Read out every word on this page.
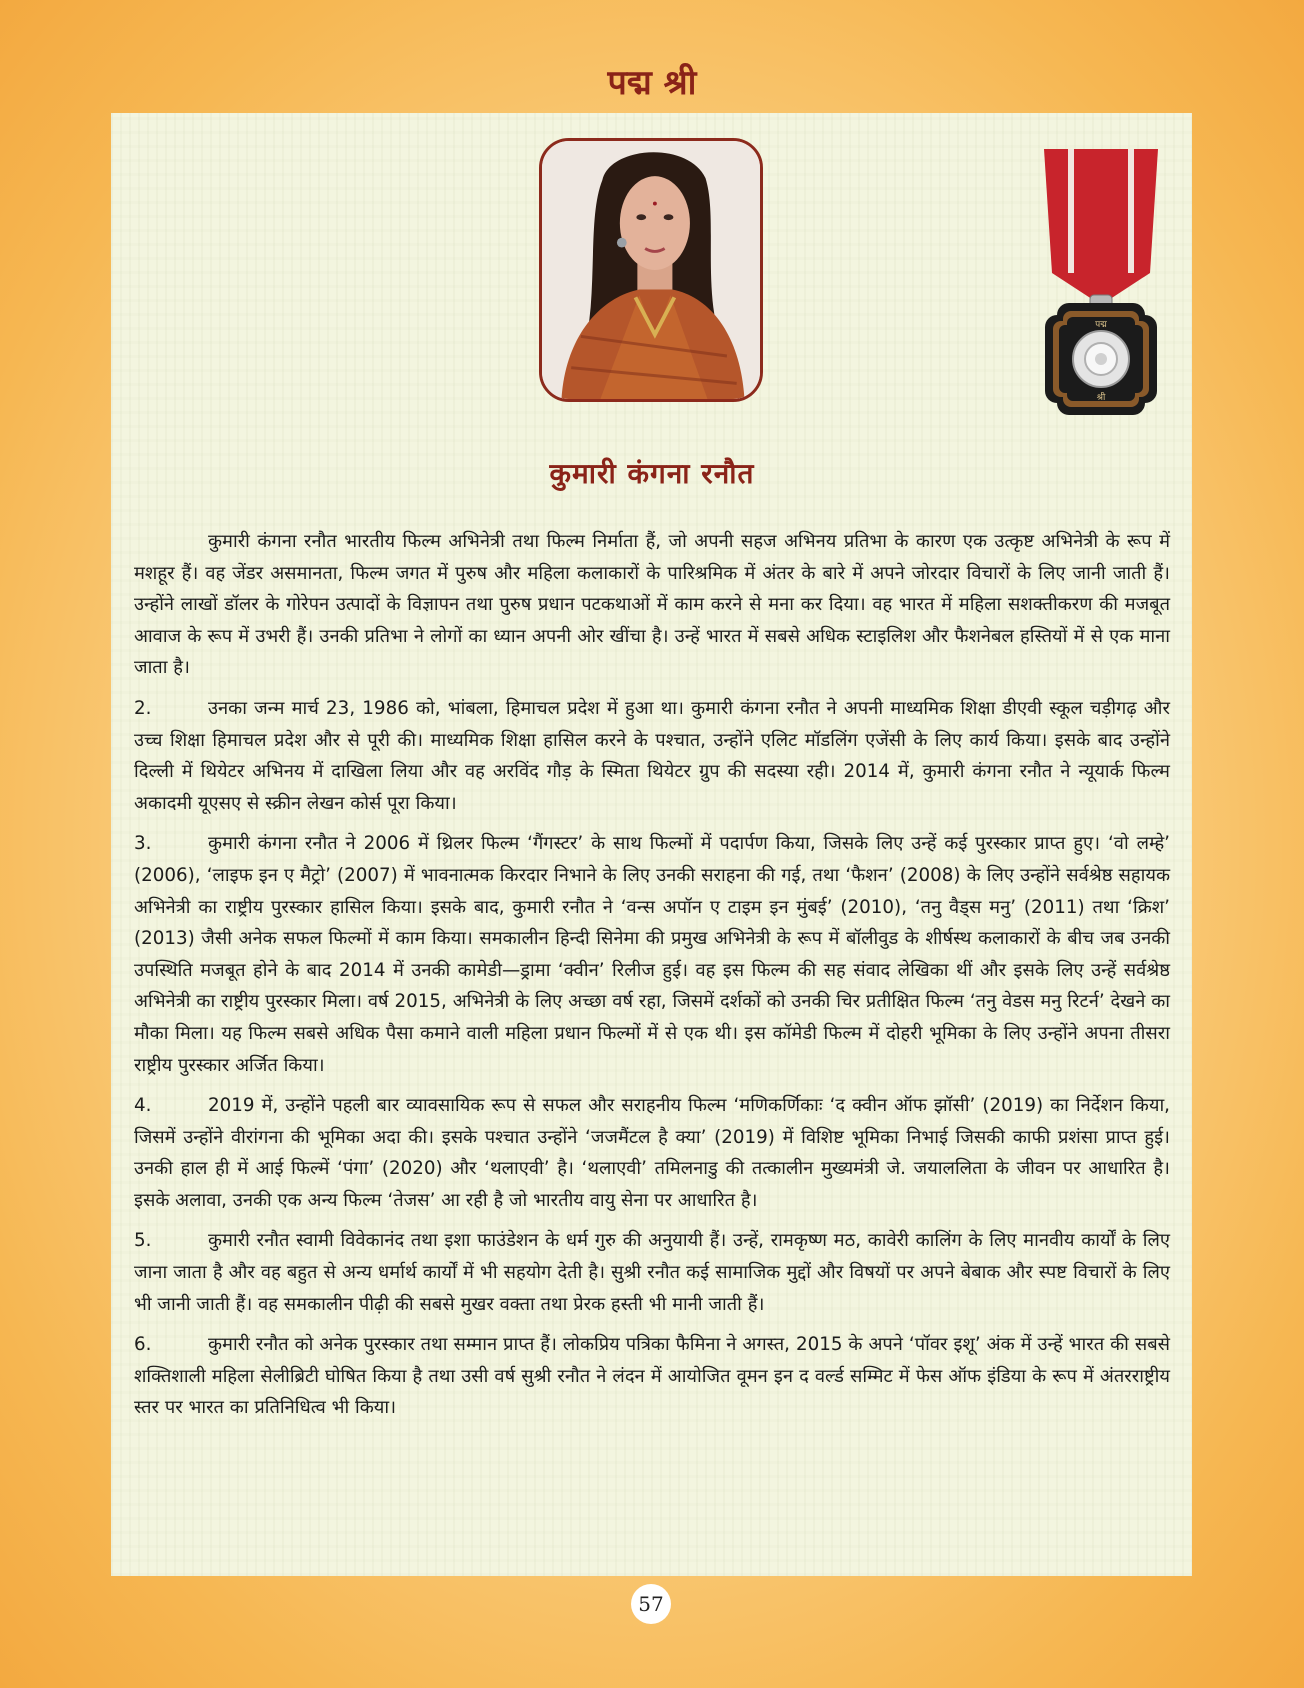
पद्म श्री
पद्म
श्री
कुमारी कंगना रनौत

कुमारी कंगना रनौत भारतीय फिल्म अभिनेत्री तथा फिल्म निर्माता हैं, जो अपनी सहज अभिनय प्रतिभा के कारण एक उत्कृष्ट अभिनेत्री के रूप में मशहूर हैं। वह जेंडर असमानता, फिल्म जगत में पुरुष और महिला कलाकारों के पारिश्रमिक में अंतर के बारे में अपने जोरदार विचारों के लिए जानी जाती हैं। उन्होंने लाखों डॉलर के गोरेपन उत्पादों के विज्ञापन तथा पुरुष प्रधान पटकथाओं में काम करने से मना कर दिया। वह भारत में महिला सशक्तीकरण की मजबूत आवाज के रूप में उभरी हैं। उनकी प्रतिभा ने लोगों का ध्यान अपनी ओर खींचा है। उन्हें भारत में सबसे अधिक स्टाइलिश और फैशनेबल हस्तियों में से एक माना जाता है।

2.	उनका जन्म मार्च 23, 1986 को, भांबला, हिमाचल प्रदेश में हुआ था। कुमारी कंगना रनौत ने अपनी माध्यमिक शिक्षा डीएवी स्कूल चड़ीगढ़ और उच्च शिक्षा हिमाचल प्रदेश और से पूरी की। माध्यमिक शिक्षा हासिल करने के पश्चात, उन्होंने एलिट मॉडलिंग एजेंसी के लिए कार्य किया। इसके बाद उन्होंने दिल्ली में थियेटर अभिनय में दाखिला लिया और वह अरविंद गौड़ के स्मिता थियेटर ग्रुप की सदस्या रही। 2014 में, कुमारी कंगना रनौत ने न्यूयार्क फिल्म अकादमी यूएसए से स्क्रीन लेखन कोर्स पूरा किया।

3.	कुमारी कंगना रनौत ने 2006 में थ्रिलर फिल्म ‘गैंगस्टर’ के साथ फिल्मों में पदार्पण किया, जिसके लिए उन्हें कई पुरस्कार प्राप्त हुए। ‘वो लम्हे’ (2006), ‘लाइफ इन ए मैट्रो’ (2007) में भावनात्मक किरदार निभाने के लिए उनकी सराहना की गई, तथा ‘फैशन’ (2008) के लिए उन्होंने सर्वश्रेष्ठ सहायक अभिनेत्री का राष्ट्रीय पुरस्कार हासिल किया। इसके बाद, कुमारी रनौत ने ‘वन्स अपॉन ए टाइम इन मुंबई’ (2010), ‘तनु वैड्स मनु’ (2011) तथा ‘क्रिश’ (2013) जैसी अनेक सफल फिल्मों में काम किया। समकालीन हिन्दी सिनेमा की प्रमुख अभिनेत्री के रूप में बॉलीवुड के शीर्षस्थ कलाकारों के बीच जब उनकी उपस्थिति मजबूत होने के बाद 2014 में उनकी कामेडी—ड्रामा ‘क्वीन’ रिलीज हुई। वह इस फिल्म की सह संवाद लेखिका थीं और इसके लिए उन्हें सर्वश्रेष्ठ अभिनेत्री का राष्ट्रीय पुरस्कार मिला। वर्ष 2015, अभिनेत्री के लिए अच्छा वर्ष रहा, जिसमें दर्शकों को उनकी चिर प्रतीक्षित फिल्म ‘तनु वेडस मनु रिटर्न’ देखने का मौका मिला। यह फिल्म सबसे अधिक पैसा कमाने वाली महिला प्रधान फिल्मों में से एक थी। इस कॉमेडी फिल्म में दोहरी भूमिका के लिए उन्होंने अपना तीसरा राष्ट्रीय पुरस्कार अर्जित किया।

4.	2019 में, उन्होंने पहली बार व्यावसायिक रूप से सफल और सराहनीय फिल्म ‘मणिकर्णिकाः ‘द क्वीन ऑफ झॉसी’ (2019) का निर्देशन किया, जिसमें उन्होंने वीरांगना की भूमिका अदा की। इसके पश्चात उन्होंने ‘जजमैंटल है क्या’ (2019) में विशिष्ट भूमिका निभाई जिसकी काफी प्रशंसा प्राप्त हुई। उनकी हाल ही में आई फिल्में ‘पंगा’ (2020) और ‘थलाएवी’ है। ‘थलाएवी’ तमिलनाडु की तत्कालीन मुख्यमंत्री जे. जयाललिता के जीवन पर आधारित है। इसके अलावा, उनकी एक अन्य फिल्म ‘तेजस’ आ रही है जो भारतीय वायु सेना पर आधारित है।

5.	कुमारी रनौत स्वामी विवेकानंद तथा इशा फाउंडेशन के धर्म गुरु की अनुयायी हैं। उन्हें, रामकृष्ण मठ, कावेरी कालिंग के लिए मानवीय कार्यों के लिए जाना जाता है और वह बहुत से अन्य धर्मार्थ कार्यों में भी सहयोग देती है। सुश्री रनौत कई सामाजिक मुद्दों और विषयों पर अपने बेबाक और स्पष्ट विचारों के लिए भी जानी जाती हैं। वह समकालीन पीढ़ी की सबसे मुखर वक्ता तथा प्रेरक हस्ती भी मानी जाती हैं।

6.	कुमारी रनौत को अनेक पुरस्कार तथा सम्मान प्राप्त हैं। लोकप्रिय पत्रिका फैमिना ने अगस्त, 2015 के अपने ‘पॉवर इशू’ अंक में उन्हें भारत की सबसे शक्तिशाली महिला सेलीब्रिटी घोषित किया है तथा उसी वर्ष सुश्री रनौत ने लंदन में आयोजित वूमन इन द वर्ल्ड सम्मिट में फेस ऑफ इंडिया के रूप में अंतरराष्ट्रीय स्तर पर भारत का प्रतिनिधित्व भी किया।

57
